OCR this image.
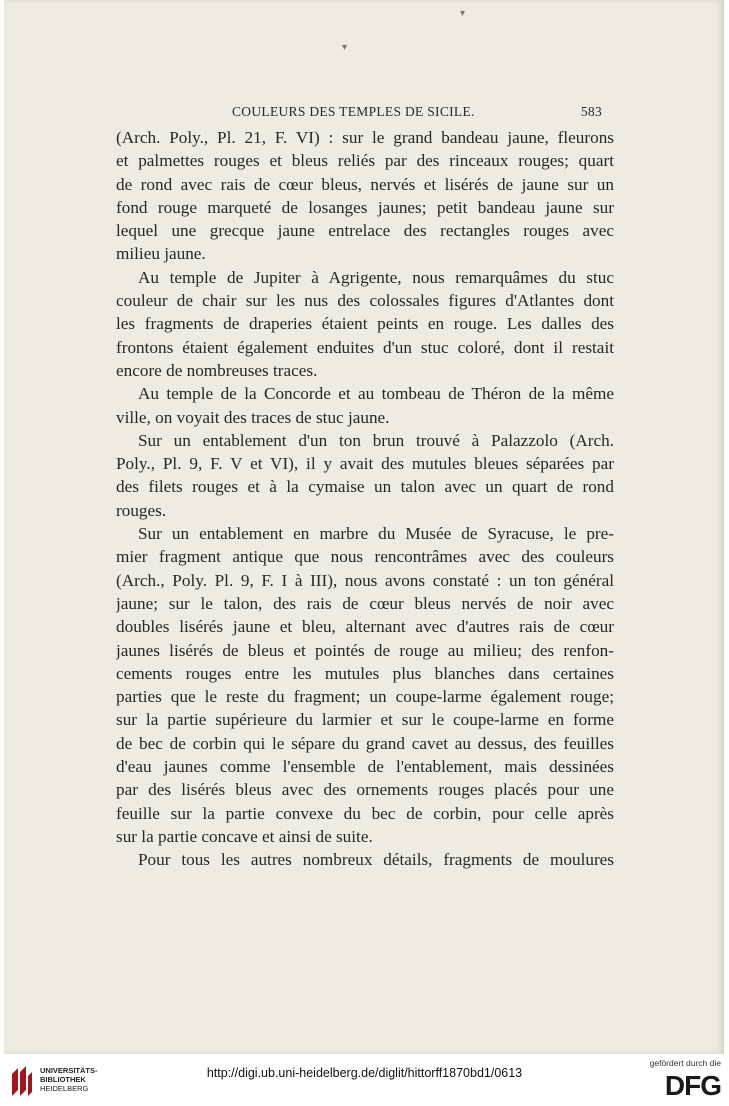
▾
▾
COULEURS DES TEMPLES DE SICILE.	583
(Arch. Poly., Pl. 21, F. VI) : sur le grand bandeau jaune, fleurons
et palmettes rouges et bleus reliés par des rinceaux rouges; quart
de rond avec rais de cœur bleus, nervés et lisérés de jaune sur un
fond rouge marqueté de losanges jaunes; petit bandeau jaune sur
lequel une grecque jaune entrelace des rectangles rouges avec
milieu jaune.
Au temple de Jupiter à Agrigente, nous remarquâmes du stuc
couleur de chair sur les nus des colossales figures d'Atlantes dont
les fragments de draperies étaient peints en rouge. Les dalles des
frontons étaient également enduites d'un stuc coloré, dont il restait
encore de nombreuses traces.
Au temple de la Concorde et au tombeau de Théron de la même
ville, on voyait des traces de stuc jaune.
Sur un entablement d'un ton brun trouvé à Palazzolo (Arch.
Poly., Pl. 9, F. V et VI), il y avait des mutules bleues séparées par
des filets rouges et à la cymaise un talon avec un quart de rond
rouges.
Sur un entablement en marbre du Musée de Syracuse, le pre-
mier fragment antique que nous rencontrâmes avec des couleurs
(Arch., Poly. Pl. 9, F. I à III), nous avons constaté : un ton général
jaune; sur le talon, des rais de cœur bleus nervés de noir avec
doubles lisérés jaune et bleu, alternant avec d'autres rais de cœur
jaunes lisérés de bleus et pointés de rouge au milieu; des renfon-
cements rouges entre les mutules plus blanches dans certaines
parties que le reste du fragment; un coupe-larme également rouge;
sur la partie supérieure du larmier et sur le coupe-larme en forme
de bec de corbin qui le sépare du grand cavet au dessus, des feuilles
d'eau jaunes comme l'ensemble de l'entablement, mais dessinées
par des lisérés bleus avec des ornements rouges placés pour une
feuille sur la partie convexe du bec de corbin, pour celle après
sur la partie concave et ainsi de suite.
Pour tous les autres nombreux détails, fragments de moulures
UNIVERSITÄTS-
BIBLIOTHEK
HEIDELBERG
http://digi.ub.uni-heidelberg.de/diglit/hittorff1870bd1/0613
gefördert durch die
DFG
